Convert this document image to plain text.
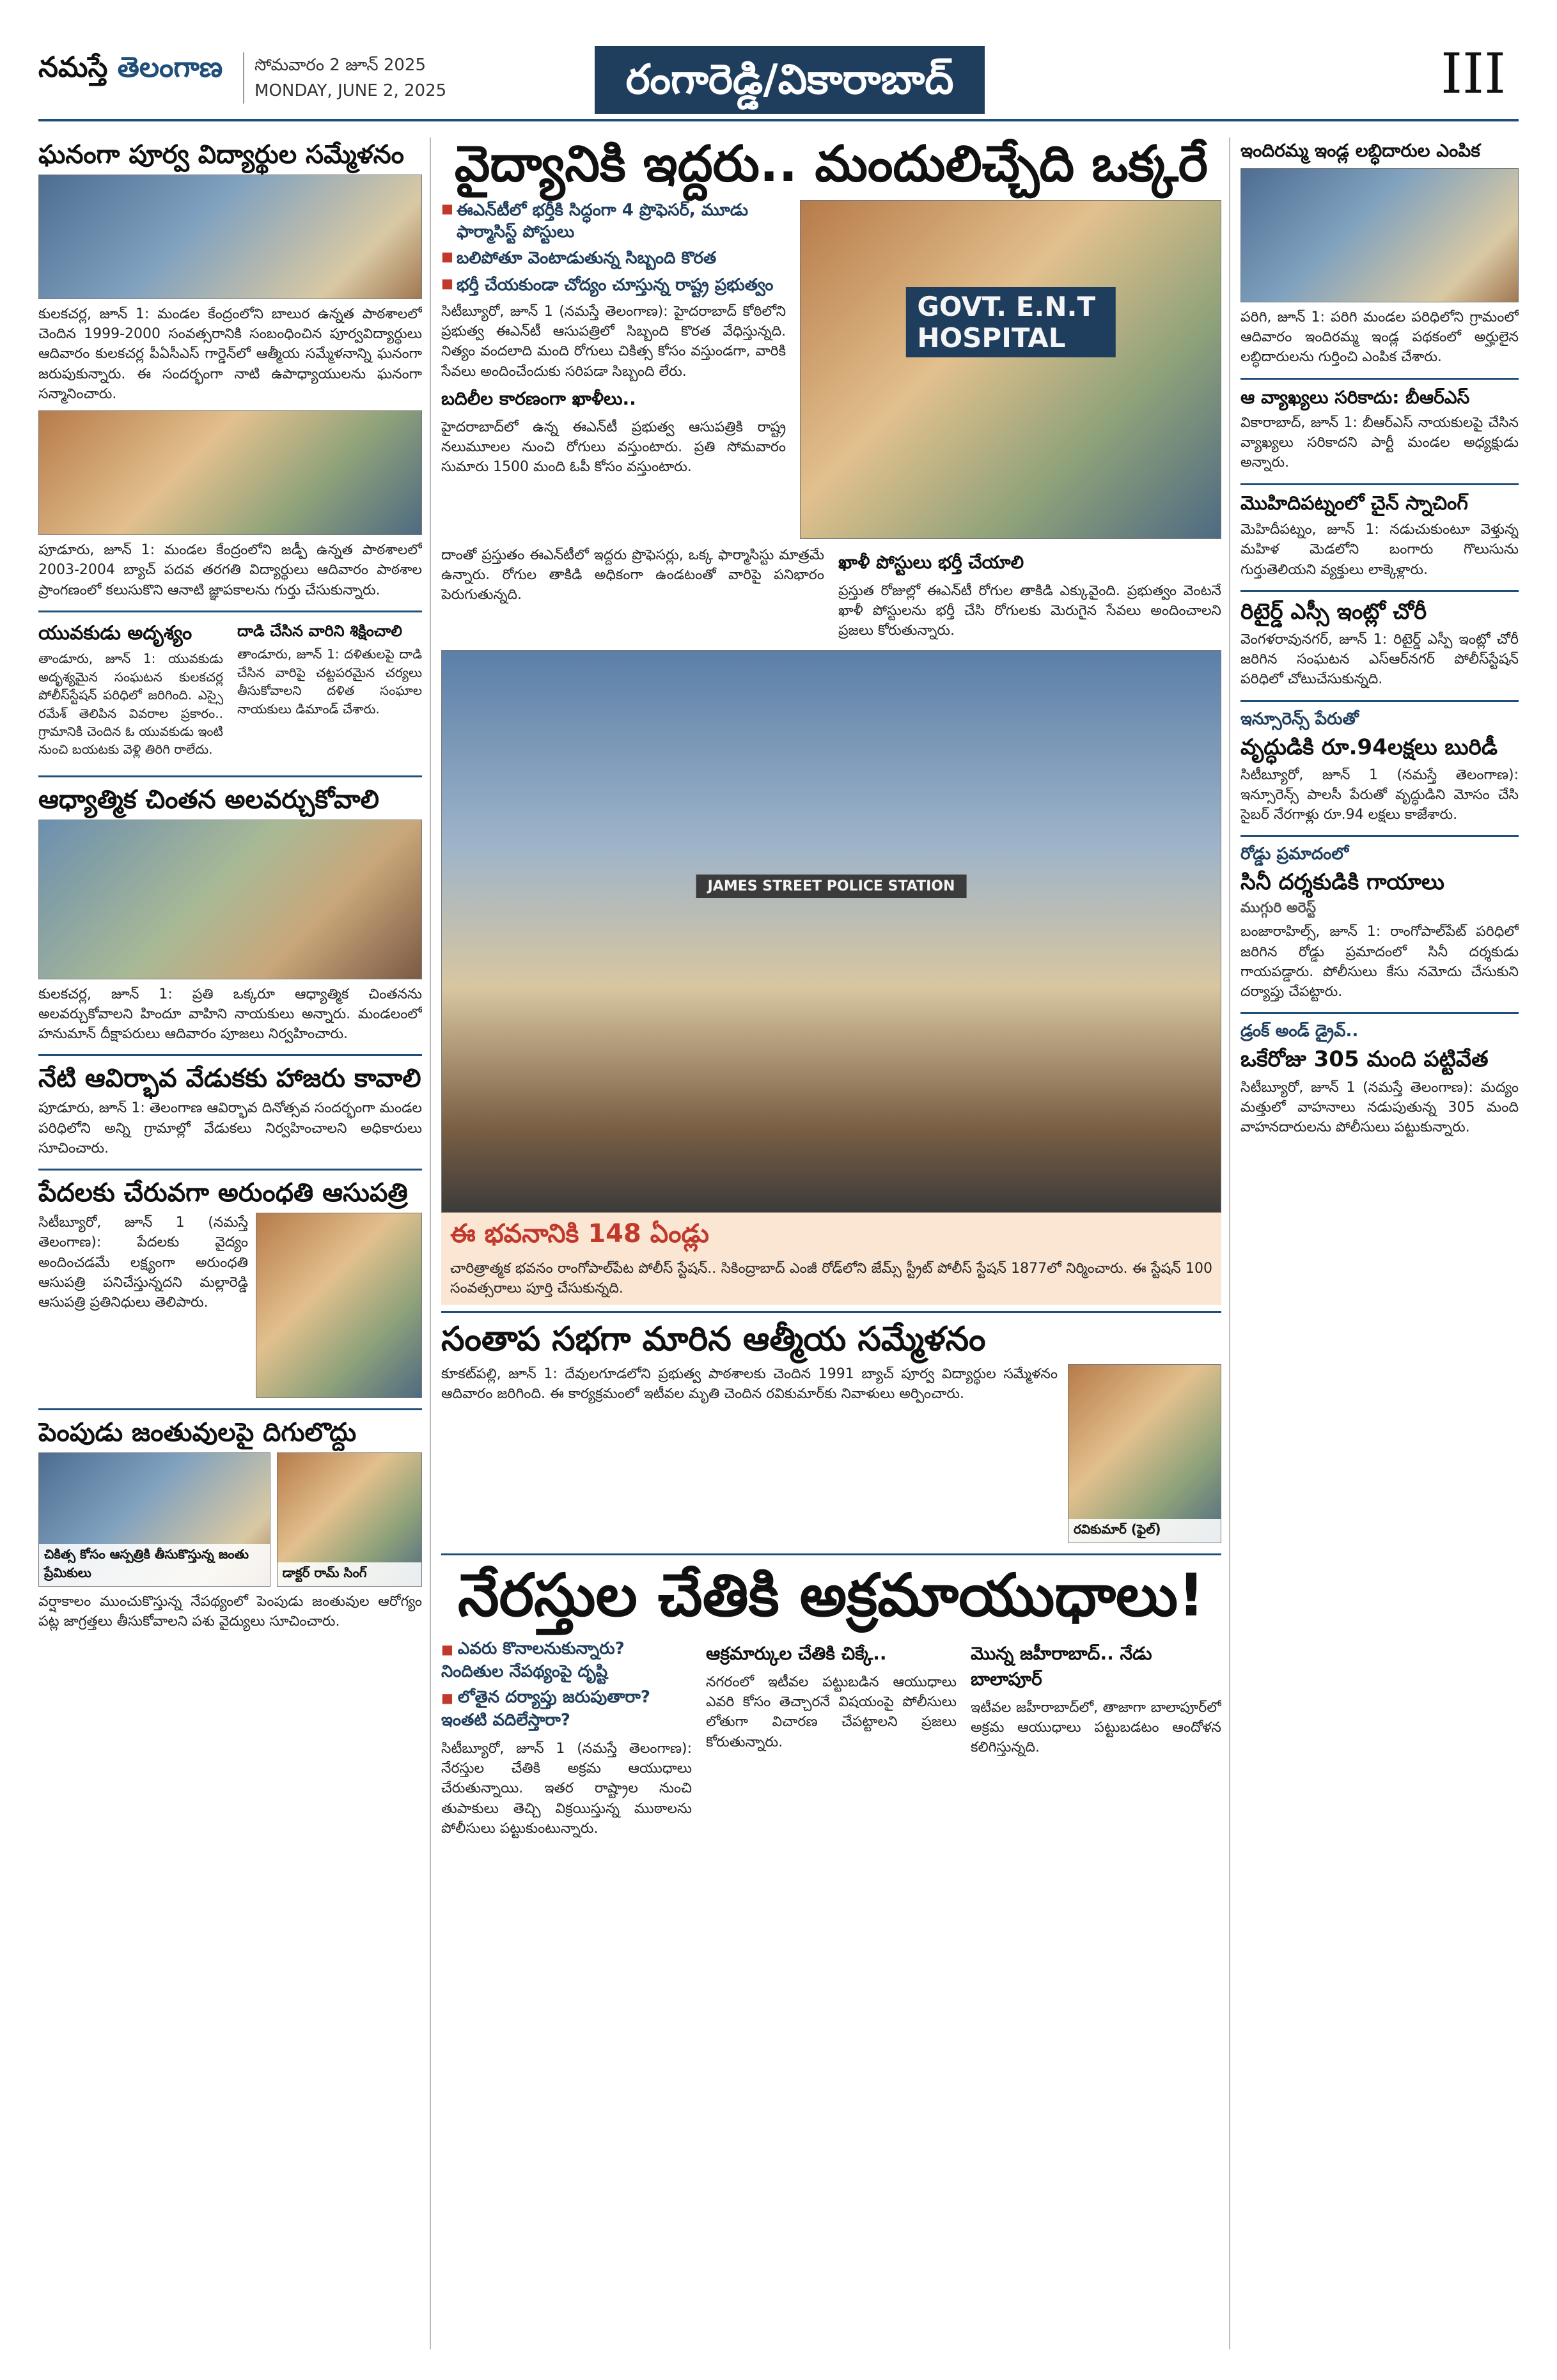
నమస్తే తెలంగాణ సోమవారం 2 జూన్ 2025
MONDAY, JUNE 2, 2025	రంగారెడ్డి/వికారాబాద్	III
ఘనంగా పూర్వ విద్యార్థుల సమ్మేళనం

కులకచర్ల, జూన్ 1: మండల కేంద్రంలోని బాలుర ఉన్నత పాఠశాలలో చెందిన 1999-2000 సంవత్సరానికి సంబంధించిన పూర్వవిద్యార్థులు ఆదివారం కులకచర్ల పీఏసీఎస్ గార్డెన్‌లో ఆత్మీయ సమ్మేళనాన్ని ఘనంగా జరుపుకున్నారు. ఈ సందర్భంగా నాటి ఉపాధ్యాయులను ఘనంగా సన్మానించారు.

పూడూరు, జూన్ 1: మండల కేంద్రంలోని జడ్పీ ఉన్నత పాఠశాలలో 2003-2004 బ్యాచ్ పదవ తరగతి విద్యార్థులు ఆదివారం పాఠశాల ప్రాంగణంలో కలుసుకొని ఆనాటి జ్ఞాపకాలను గుర్తు చేసుకున్నారు.

యువకుడు అదృశ్యం

తాండూరు, జూన్ 1: యువకుడు అదృశ్యమైన సంఘటన కులకచర్ల పోలీస్‌స్టేషన్ పరిధిలో జరిగింది. ఎస్సై రమేశ్ తెలిపిన వివరాల ప్రకారం.. గ్రామానికి చెందిన ఓ యువకుడు ఇంటి నుంచి బయటకు వెళ్లి తిరిగి రాలేదు.

దాడి చేసిన వారిని శిక్షించాలి

తాండూరు, జూన్ 1: దళితులపై దాడి చేసిన వారిపై చట్టపరమైన చర్యలు తీసుకోవాలని దళిత సంఘాల నాయకులు డిమాండ్ చేశారు.

ఆధ్యాత్మిక చింతన అలవర్చుకోవాలి

కులకచర్ల, జూన్ 1: ప్రతి ఒక్కరూ ఆధ్యాత్మిక చింతనను అలవర్చుకోవాలని హిందూ వాహిని నాయకులు అన్నారు. మండలంలో హనుమాన్ దీక్షాపరులు ఆదివారం పూజలు నిర్వహించారు.

నేటి ఆవిర్భావ వేడుకకు హాజరు కావాలి

పూడూరు, జూన్ 1: తెలంగాణ ఆవిర్భావ దినోత్సవ సందర్భంగా మండల పరిధిలోని అన్ని గ్రామాల్లో వేడుకలు నిర్వహించాలని అధికారులు సూచించారు.

పేదలకు చేరువగా అరుంధతి ఆసుపత్రి

సిటీబ్యూరో, జూన్ 1 (నమస్తే తెలంగాణ): పేదలకు వైద్యం అందించడమే లక్ష్యంగా అరుంధతి ఆసుపత్రి పనిచేస్తున్నదని మల్లారెడ్డి ఆసుపత్రి ప్రతినిధులు తెలిపారు.

పెంపుడు జంతువులపై దిగులొద్దు
చికిత్స కోసం ఆస్పత్రికి తీసుకొస్తున్న జంతు ప్రేమికులు	డాక్టర్ రామ్ సింగ్

వర్షాకాలం ముంచుకొస్తున్న నేపథ్యంలో పెంపుడు జంతువుల ఆరోగ్యం పట్ల జాగ్రత్తలు తీసుకోవాలని పశు వైద్యులు సూచించారు.

వైద్యానికి ఇద్దరు.. మందులిచ్చేది ఒక్కరే
■ ఈఎన్‌టీలో భర్తీకి సిద్ధంగా 4 ప్రొఫెసర్, మూడు ఫార్మాసిస్ట్ పోస్టులు
■ బలిపోతూ వెంటాడుతున్న సిబ్బంది కొరత
■ భర్తీ చేయకుండా చోద్యం చూస్తున్న రాష్ట్ర ప్రభుత్వం

సిటీబ్యూరో, జూన్ 1 (నమస్తే తెలంగాణ): హైదరాబాద్ కోఠిలోని ప్రభుత్వ ఈఎన్‌టీ ఆసుపత్రిలో సిబ్బంది కొరత వేధిస్తున్నది. నిత్యం వందలాది మంది రోగులు చికిత్స కోసం వస్తుండగా, వారికి సేవలు అందించేందుకు సరిపడా సిబ్బంది లేరు.

బదిలీల కారణంగా ఖాళీలు..

హైదరాబాద్‌లో ఉన్న ఈఎన్‌టీ ప్రభుత్వ ఆసుపత్రికి రాష్ట్ర నలుమూలల నుంచి రోగులు వస్తుంటారు. ప్రతి సోమవారం సుమారు 1500 మంది ఓపీ కోసం వస్తుంటారు.

GOVT. E.N.T HOSPITAL

దాంతో ప్రస్తుతం ఈఎన్‌టీలో ఇద్దరు ప్రొఫెసర్లు, ఒక్క ఫార్మాసిస్టు మాత్రమే ఉన్నారు. రోగుల తాకిడి అధికంగా ఉండటంతో వారిపై పనిభారం పెరుగుతున్నది.

ఖాళీ పోస్టులు భర్తీ చేయాలి

ప్రస్తుత రోజుల్లో ఈఎన్‌టీ రోగుల తాకిడి ఎక్కువైంది. ప్రభుత్వం వెంటనే ఖాళీ పోస్టులను భర్తీ చేసి రోగులకు మెరుగైన సేవలు అందించాలని ప్రజలు కోరుతున్నారు.

JAMES STREET POLICE STATION
ఈ భవనానికి 148 ఏండ్లు

చారిత్రాత్మక భవనం రాంగోపాల్‌పేట పోలీస్ స్టేషన్.. సికింద్రాబాద్ ఎంజీ రోడ్‌లోని జేమ్స్ స్ట్రీట్ పోలీస్ స్టేషన్ 1877లో నిర్మించారు. ఈ స్టేషన్ 100 సంవత్సరాలు పూర్తి చేసుకున్నది.

సంతాప సభగా మారిన ఆత్మీయ సమ్మేళనం

కూకట్‌పల్లి, జూన్ 1: దేవులగూడలోని ప్రభుత్వ పాఠశాలకు చెందిన 1991 బ్యాచ్ పూర్వ విద్యార్థుల సమ్మేళనం ఆదివారం జరిగింది. ఈ కార్యక్రమంలో ఇటీవల మృతి చెందిన రవికుమార్‌కు నివాళులు అర్పించారు.

రవికుమార్ (ఫైల్)
నేరస్తుల చేతికి అక్రమాయుధాలు!
■ ఎవరు కొనాలనుకున్నారు? నిందితుల నేపథ్యంపై దృష్టి
■ లోతైన దర్యాప్తు జరుపుతారా? ఇంతటి వదిలేస్తారా?

సిటీబ్యూరో, జూన్ 1 (నమస్తే తెలంగాణ): నేరస్తుల చేతికి అక్రమ ఆయుధాలు చేరుతున్నాయి. ఇతర రాష్ట్రాల నుంచి తుపాకులు తెచ్చి విక్రయిస్తున్న ముఠాలను పోలీసులు పట్టుకుంటున్నారు.

ఆక్రమార్కుల చేతికి చిక్కే..

నగరంలో ఇటీవల పట్టుబడిన ఆయుధాలు ఎవరి కోసం తెచ్చారనే విషయంపై పోలీసులు లోతుగా విచారణ చేపట్టాలని ప్రజలు కోరుతున్నారు.

మొన్న జహీరాబాద్.. నేడు బాలాపూర్

ఇటీవల జహీరాబాద్‌లో, తాజాగా బాలాపూర్‌లో అక్రమ ఆయుధాలు పట్టుబడటం ఆందోళన కలిగిస్తున్నది.

ఇందిరమ్మ ఇండ్ల లబ్ధిదారుల ఎంపిక

పరిగి, జూన్ 1: పరిగి మండల పరిధిలోని గ్రామంలో ఆదివారం ఇందిరమ్మ ఇండ్ల పథకంలో అర్హులైన లబ్ధిదారులను గుర్తించి ఎంపిక చేశారు.

ఆ వ్యాఖ్యలు సరికాదు: బీఆర్‌ఎస్

వికారాబాద్, జూన్ 1: బీఆర్‌ఎస్ నాయకులపై చేసిన వ్యాఖ్యలు సరికాదని పార్టీ మండల అధ్యక్షుడు అన్నారు.

మొహిదిపట్నంలో చైన్ స్నాచింగ్

మెహిదీపట్నం, జూన్ 1: నడుచుకుంటూ వెళ్తున్న మహిళ మెడలోని బంగారు గొలుసును గుర్తుతెలియని వ్యక్తులు లాక్కెళ్లారు.

రిటైర్డ్ ఎస్సీ ఇంట్లో చోరీ

వెంగళరావునగర్, జూన్ 1: రిటైర్డ్ ఎస్పీ ఇంట్లో చోరీ జరిగిన సంఘటన ఎస్ఆర్‌నగర్ పోలీస్‌స్టేషన్ పరిధిలో చోటుచేసుకున్నది.

ఇన్సూరెన్స్ పేరుతో
వృద్ధుడికి రూ.94లక్షలు బురిడీ

సిటీబ్యూరో, జూన్ 1 (నమస్తే తెలంగాణ): ఇన్సూరెన్స్ పాలసీ పేరుతో వృద్ధుడిని మోసం చేసి సైబర్ నేరగాళ్లు రూ.94 లక్షలు కాజేశారు.

రోడ్డు ప్రమాదంలో
సినీ దర్శకుడికి గాయాలు
ముగ్గురి అరెస్ట్

బంజారాహిల్స్, జూన్ 1: రాంగోపాల్‌పేట్ పరిధిలో జరిగిన రోడ్డు ప్రమాదంలో సినీ దర్శకుడు గాయపడ్డారు. పోలీసులు కేసు నమోదు చేసుకుని దర్యాప్తు చేపట్టారు.

డ్రంక్ అండ్ డ్రైవ్..
ఒకేరోజు 305 మంది పట్టివేత

సిటీబ్యూరో, జూన్ 1 (నమస్తే తెలంగాణ): మద్యం మత్తులో వాహనాలు నడుపుతున్న 305 మంది వాహనదారులను పోలీసులు పట్టుకున్నారు.
